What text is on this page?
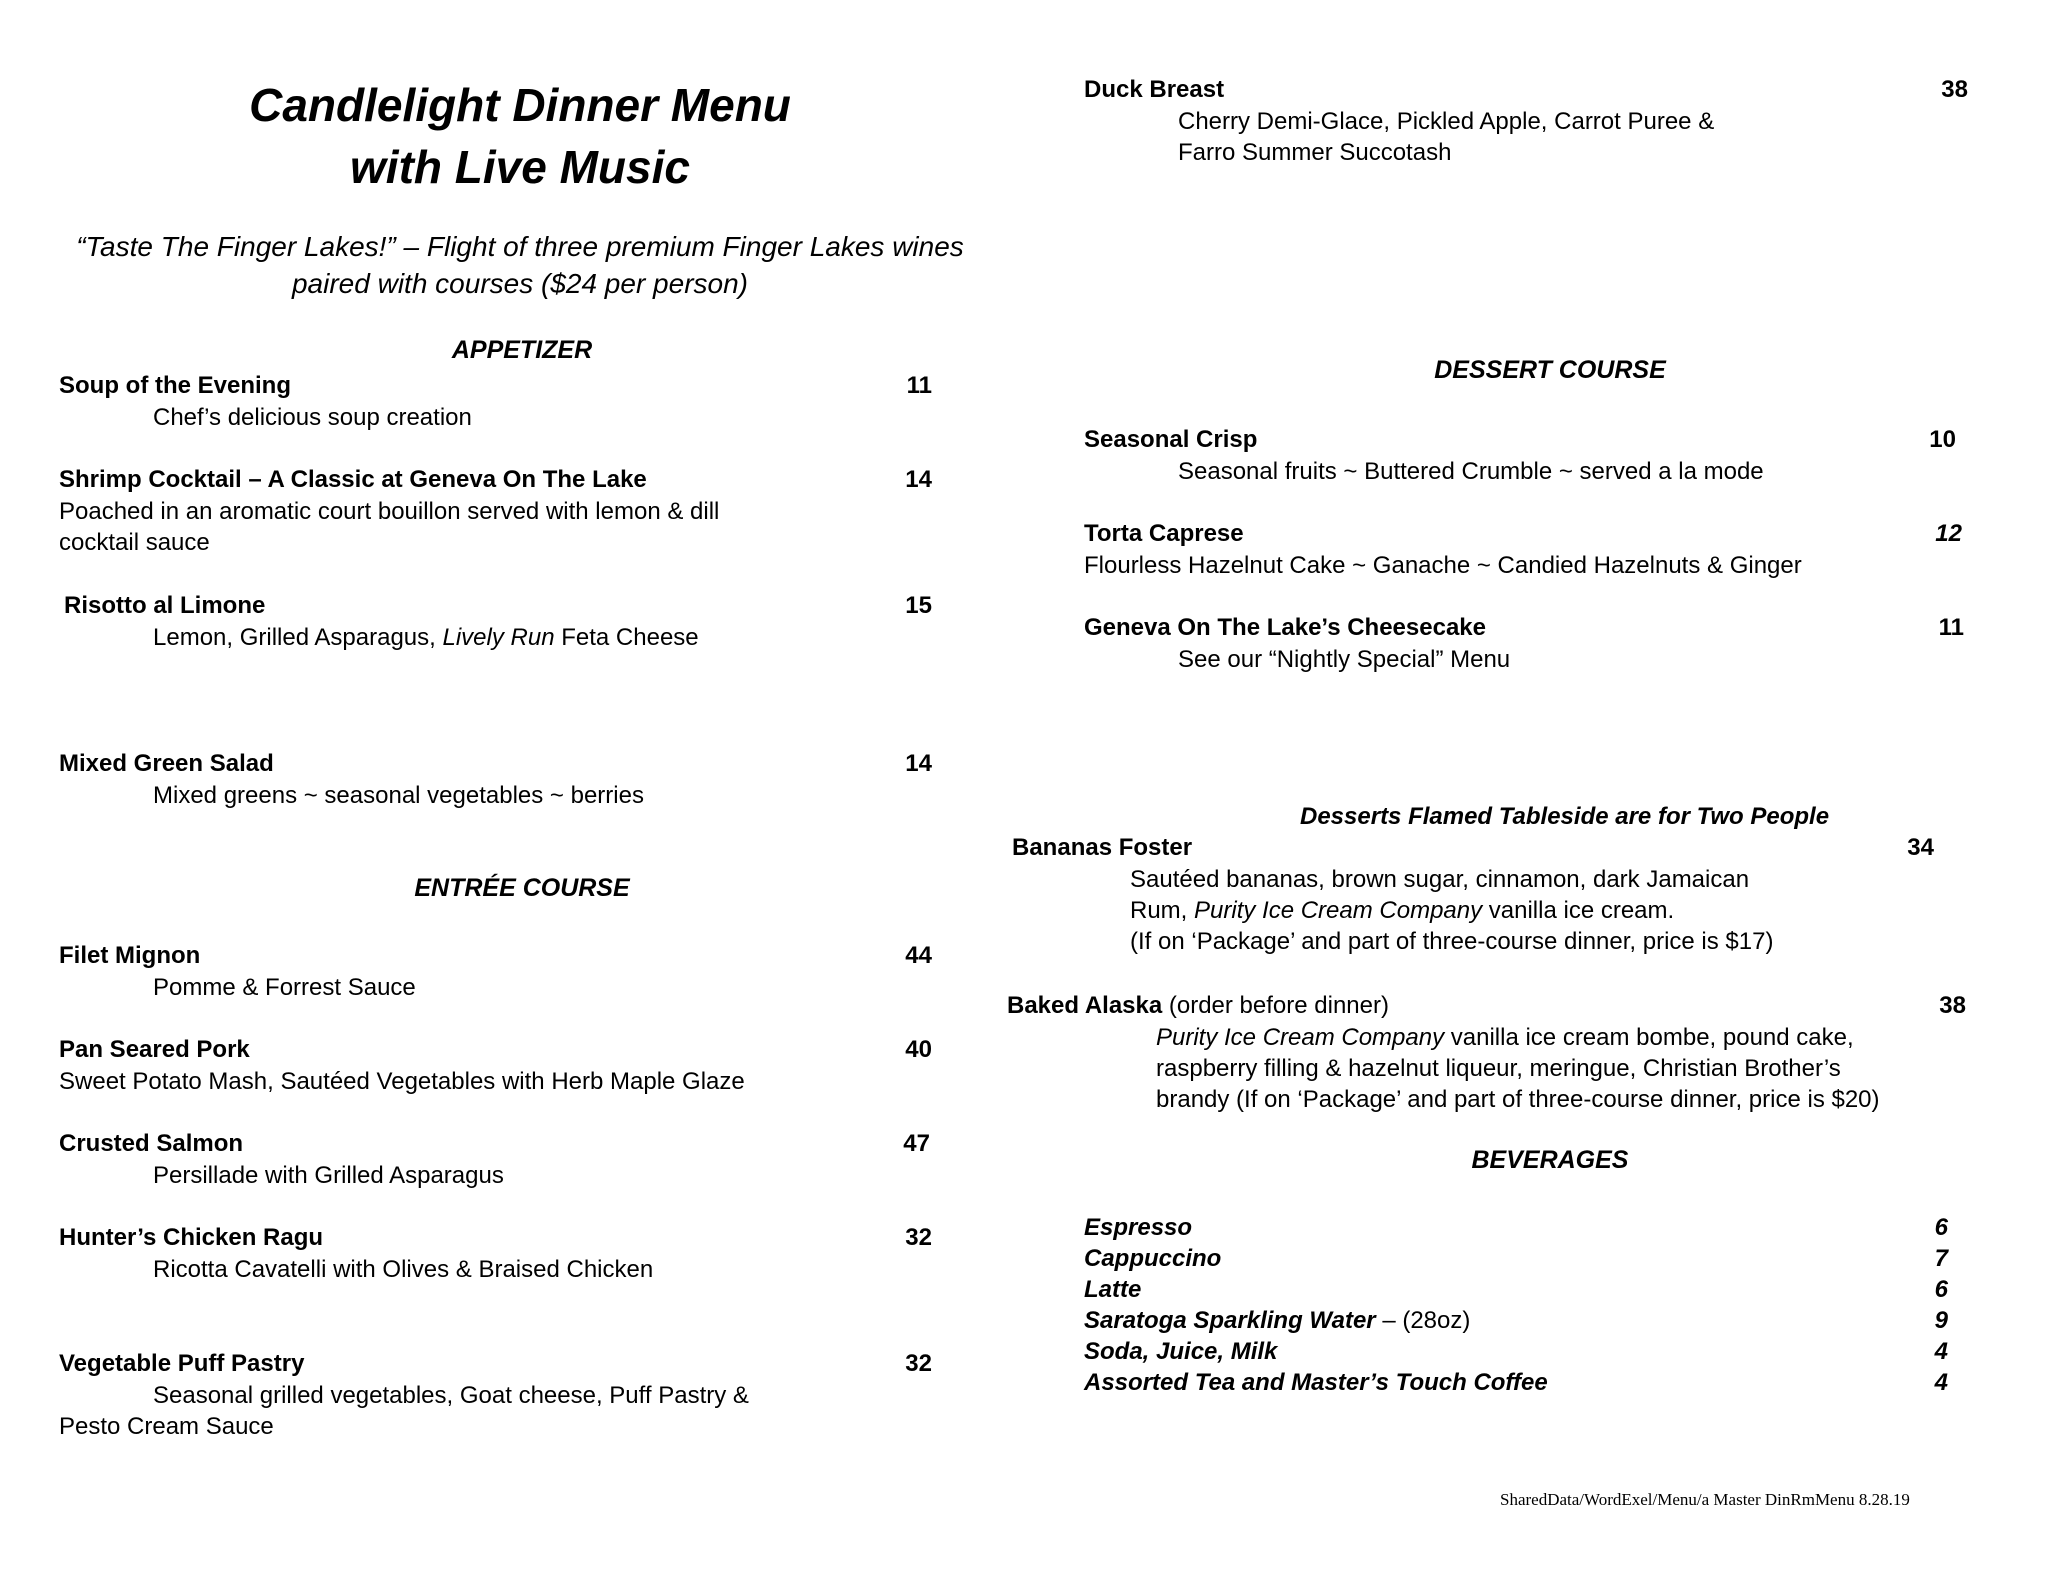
Candlelight Dinner Menu
with Live Music
“Taste The Finger Lakes!” – Flight of three premium Finger Lakes wines
paired with courses ($24 per person)
APPETIZER
Soup of the Evening	11
Chef’s delicious soup creation
Shrimp Cocktail – A Classic at Geneva On The Lake	14
Poached in an aromatic court bouillon served with lemon & dill
cocktail sauce
Risotto al Limone	15
Lemon, Grilled Asparagus, Lively Run Feta Cheese
Mixed Green Salad	14
Mixed greens ~ seasonal vegetables ~ berries
ENTRÉE COURSE
Filet Mignon	44
Pomme & Forrest Sauce
Pan Seared Pork	40
Sweet Potato Mash, Sautéed Vegetables with Herb Maple Glaze
Crusted Salmon	47
Persillade with Grilled Asparagus
Hunter’s Chicken Ragu	32
Ricotta Cavatelli with Olives & Braised Chicken
Vegetable Puff Pastry	32
Seasonal grilled vegetables, Goat cheese, Puff Pastry &
Pesto Cream Sauce
Duck Breast	38
Cherry Demi-Glace, Pickled Apple, Carrot Puree &
Farro Summer Succotash
DESSERT COURSE
Seasonal Crisp	10
Seasonal fruits ~ Buttered Crumble ~ served a la mode
Torta Caprese	12
Flourless Hazelnut Cake ~ Ganache ~ Candied Hazelnuts & Ginger
Geneva On The Lake’s Cheesecake	11
See our “Nightly Special” Menu
Desserts Flamed Tableside are for Two People
Bananas Foster	34
Sautéed bananas, brown sugar, cinnamon, dark Jamaican
Rum, Purity Ice Cream Company vanilla ice cream.
(If on ‘Package’ and part of three-course dinner, price is $17)
Baked Alaska (order before dinner)	38
Purity Ice Cream Company vanilla ice cream bombe, pound cake,
raspberry filling & hazelnut liqueur, meringue, Christian Brother’s
brandy (If on ‘Package’ and part of three-course dinner, price is $20)
BEVERAGES
Espresso	6
Cappuccino	7
Latte	6
Saratoga Sparkling Water – (28oz)	9
Soda, Juice, Milk	4
Assorted Tea and Master’s Touch Coffee	4
SharedData/WordExel/Menu/a Master DinRmMenu 8.28.19
